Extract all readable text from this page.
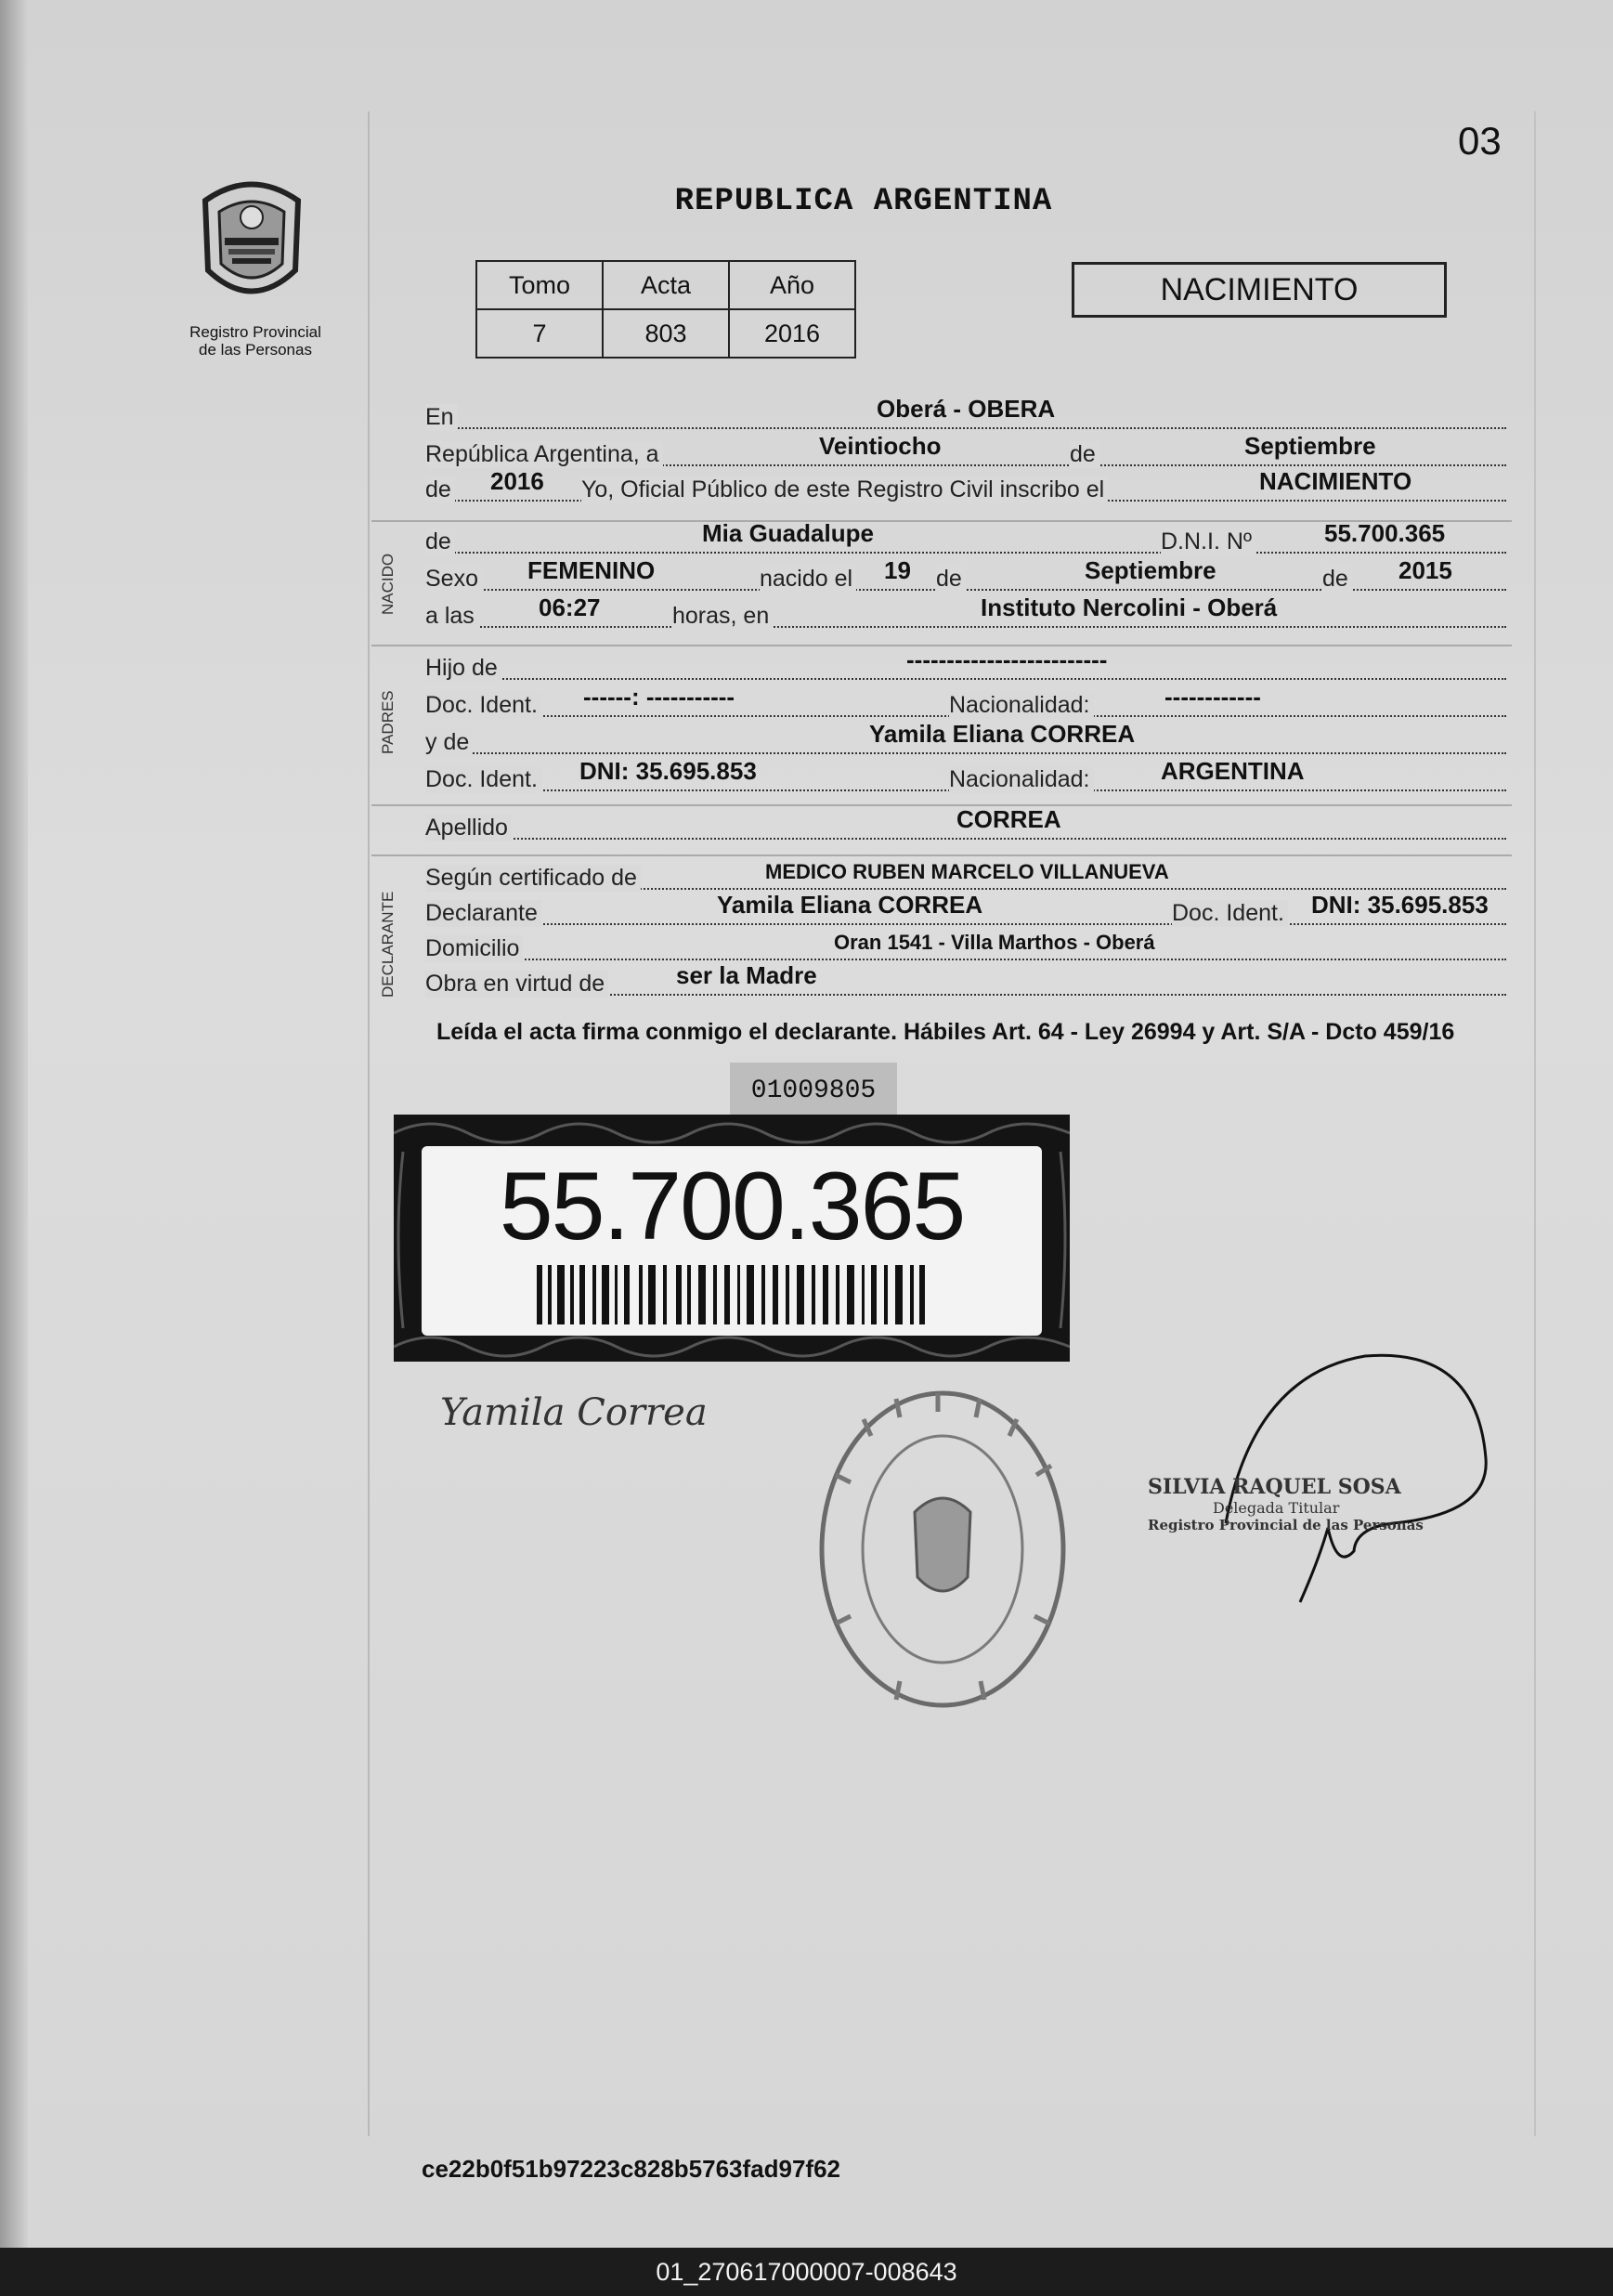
03
Registro Provincial
de las Personas
REPUBLICA ARGENTINA
Tomo	Acta	Año
7	803	2016
NACIMIENTO
En	Oberá - OBERA
República Argentina, a	Veintiocho	de	Septiembre
de 2016 Yo, Oficial Público de este Registro Civil inscribo el	NACIMIENTO
NACIDO
de	Mia Guadalupe	D.N.I. Nº	55.700.365
Sexo FEMENINO	nacido el 19 de	Septiembre	de 2015
a las	06:27	horas, en	Instituto Nercolini - Oberá
PADRES
Hijo de	-------------------------
Doc. Ident. ------: -----------	Nacionalidad:	------------
y de	Yamila Eliana CORREA
Doc. Ident. DNI: 35.695.853	Nacionalidad:	ARGENTINA
Apellido	CORREA
DECLARANTE
Según certificado de	MEDICO RUBEN MARCELO VILLANUEVA
Declarante	Yamila Eliana CORREA	Doc. Ident. DNI: 35.695.853
Domicilio	Oran 1541 - Villa Marthos - Oberá
Obra en virtud de	ser la Madre
Leída el acta firma conmigo el declarante. Hábiles Art. 64 - Ley 26994 y Art. S/A - Dcto 459/16
01009805
55.700.365
Yamila Correa
SILVIA RAQUEL SOSA
Delegada Titular
Registro Provincial de las Personas
ce22b0f51b97223c828b5763fad97f62
01_270617000007-008643
